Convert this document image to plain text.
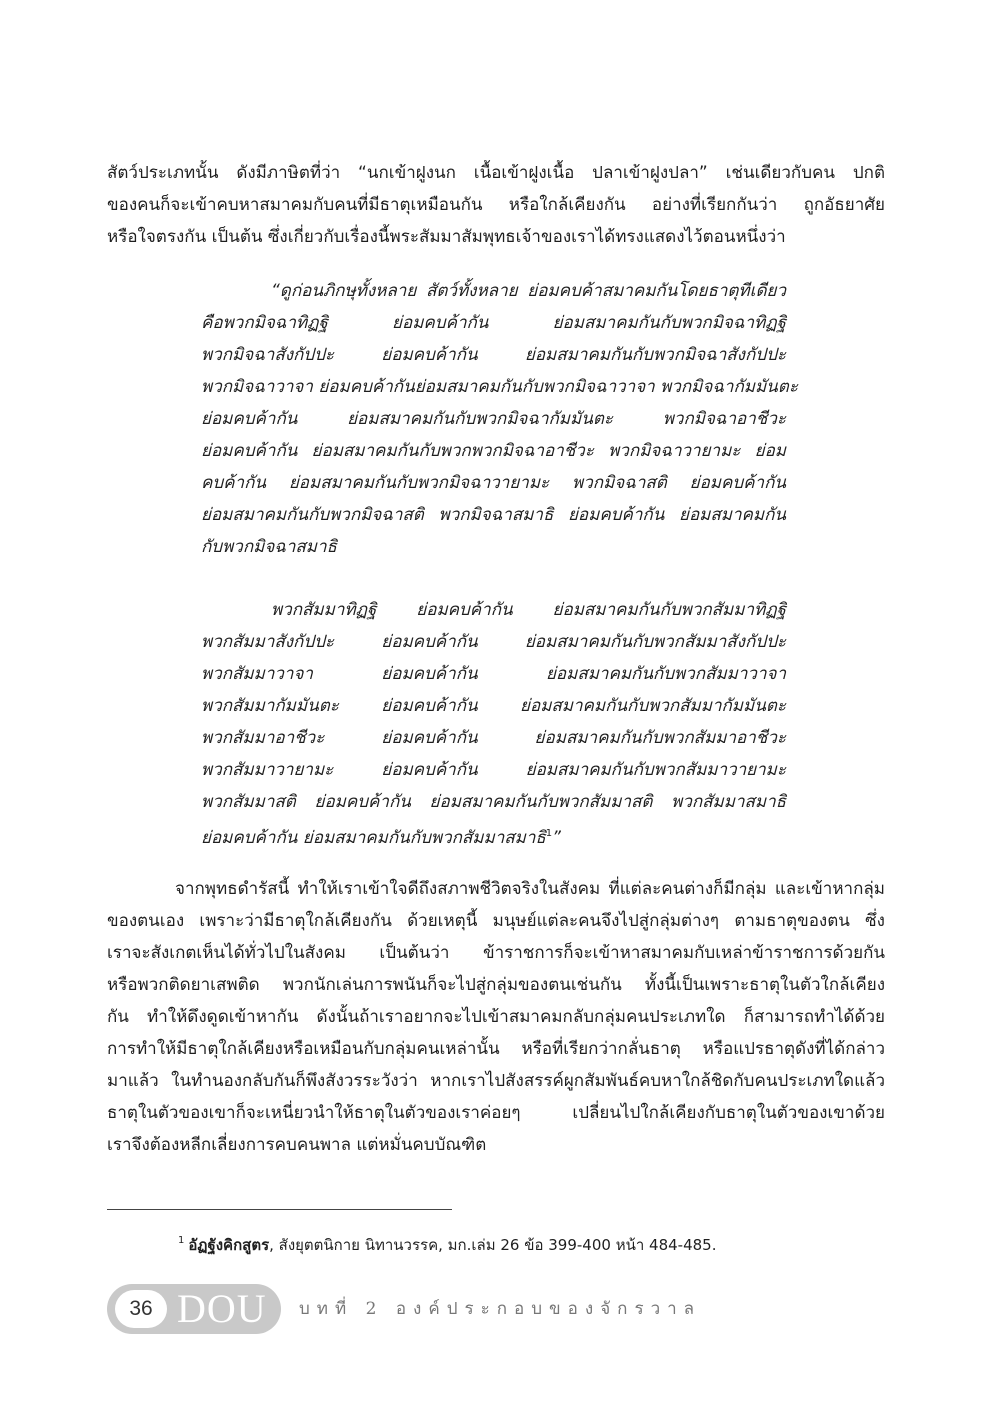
สัตว์ประเภทนั้น ดังมีภาษิตที่ว่า “นกเข้าฝูงนก เนื้อเข้าฝูงเนื้อ ปลาเข้าฝูงปลา” เช่นเดียวกับคน ปกติ
ของคนก็จะเข้าคบหาสมาคมกับคนที่มีธาตุเหมือนกัน หรือใกล้เคียงกัน อย่างที่เรียกกันว่า ถูกอัธยาศัย
หรือใจตรงกัน เป็นต้น ซึ่งเกี่ยวกับเรื่องนี้พระสัมมาสัมพุทธเจ้าของเราได้ทรงแสดงไว้ตอนหนึ่งว่า
“ดูก่อนภิกษุทั้งหลาย สัตว์ทั้งหลาย ย่อมคบค้าสมาคมกันโดยธาตุทีเดียว
คือพวกมิจฉาทิฏฐิ ย่อมคบค้ากัน ย่อมสมาคมกันกับพวกมิจฉาทิฏฐิ
พวกมิจฉาสังกัปปะ ย่อมคบค้ากัน ย่อมสมาคมกันกับพวกมิจฉาสังกัปปะ
พวกมิจฉาวาจา ย่อมคบค้ากันย่อมสมาคมกันกับพวกมิจฉาวาจา พวกมิจฉากัมมันตะ
ย่อมคบค้ากัน ย่อมสมาคมกันกับพวกมิจฉากัมมันตะ พวกมิจฉาอาชีวะ
ย่อมคบค้ากัน ย่อมสมาคมกันกับพวกพวกมิจฉาอาชีวะ พวกมิจฉาวายามะ ย่อม
คบค้ากัน ย่อมสมาคมกันกับพวกมิจฉาวายามะ พวกมิจฉาสติ ย่อมคบค้ากัน
ย่อมสมาคมกันกับพวกมิจฉาสติ พวกมิจฉาสมาธิ ย่อมคบค้ากัน ย่อมสมาคมกัน
กับพวกมิจฉาสมาธิ
พวกสัมมาทิฏฐิ ย่อมคบค้ากัน ย่อมสมาคมกันกับพวกสัมมาทิฏฐิ
พวกสัมมาสังกัปปะ ย่อมคบค้ากัน ย่อมสมาคมกันกับพวกสัมมาสังกัปปะ
พวกสัมมาวาจา ย่อมคบค้ากัน ย่อมสมาคมกันกับพวกสัมมาวาจา
พวกสัมมากัมมันตะ ย่อมคบค้ากัน ย่อมสมาคมกันกับพวกสัมมากัมมันตะ
พวกสัมมาอาชีวะ ย่อมคบค้ากัน ย่อมสมาคมกันกับพวกสัมมาอาชีวะ
พวกสัมมาวายามะ ย่อมคบค้ากัน ย่อมสมาคมกันกับพวกสัมมาวายามะ
พวกสัมมาสติ ย่อมคบค้ากัน ย่อมสมาคมกันกับพวกสัมมาสติ พวกสัมมาสมาธิ
ย่อมคบค้ากัน ย่อมสมาคมกันกับพวกสัมมาสมาธิ$^1$”
จากพุทธดำรัสนี้ ทำให้เราเข้าใจดีถึงสภาพชีวิตจริงในสังคม ที่แต่ละคนต่างก็มีกลุ่ม และเข้าหากลุ่ม
ของตนเอง เพราะว่ามีธาตุใกล้เคียงกัน ด้วยเหตุนี้ มนุษย์แต่ละคนจึงไปสู่กลุ่มต่างๆ ตามธาตุของตน ซึ่ง
เราจะสังเกตเห็นได้ทั่วไปในสังคม เป็นต้นว่า ข้าราชการก็จะเข้าหาสมาคมกับเหล่าข้าราชการด้วยกัน
หรือพวกติดยาเสพติด พวกนักเล่นการพนันก็จะไปสู่กลุ่มของตนเช่นกัน ทั้งนี้เป็นเพราะธาตุในตัวใกล้เคียง
กัน ทำให้ดึงดูดเข้าหากัน ดังนั้นถ้าเราอยากจะไปเข้าสมาคมกลับกลุ่มคนประเภทใด ก็สามารถทำได้ด้วย
การทำให้มีธาตุใกล้เคียงหรือเหมือนกับกลุ่มคนเหล่านั้น หรือที่เรียกว่ากลั่นธาตุ หรือแปรธาตุดังที่ได้กล่าว
มาแล้ว ในทำนองกลับกันก็พึงสังวรระวังว่า หากเราไปสังสรรค์ผูกสัมพันธ์คบหาใกล้ชิดกับคนประเภทใดแล้ว
ธาตุในตัวของเขาก็จะเหนี่ยวนำให้ธาตุในตัวของเราค่อยๆ เปลี่ยนไปใกล้เคียงกับธาตุในตัวของเขาด้วย
เราจึงต้องหลีกเลี่ยงการคบคนพาล แต่หมั่นคบบัณฑิต
$^1$ อัฏฐังคิกสูตร, สังยุตตนิกาย นิทานวรรค, มก.เล่ม 26 ข้อ 399-400 หน้า 484-485.
36 DOU บทที่ 2 องค์ประกอบของจักรวาล
